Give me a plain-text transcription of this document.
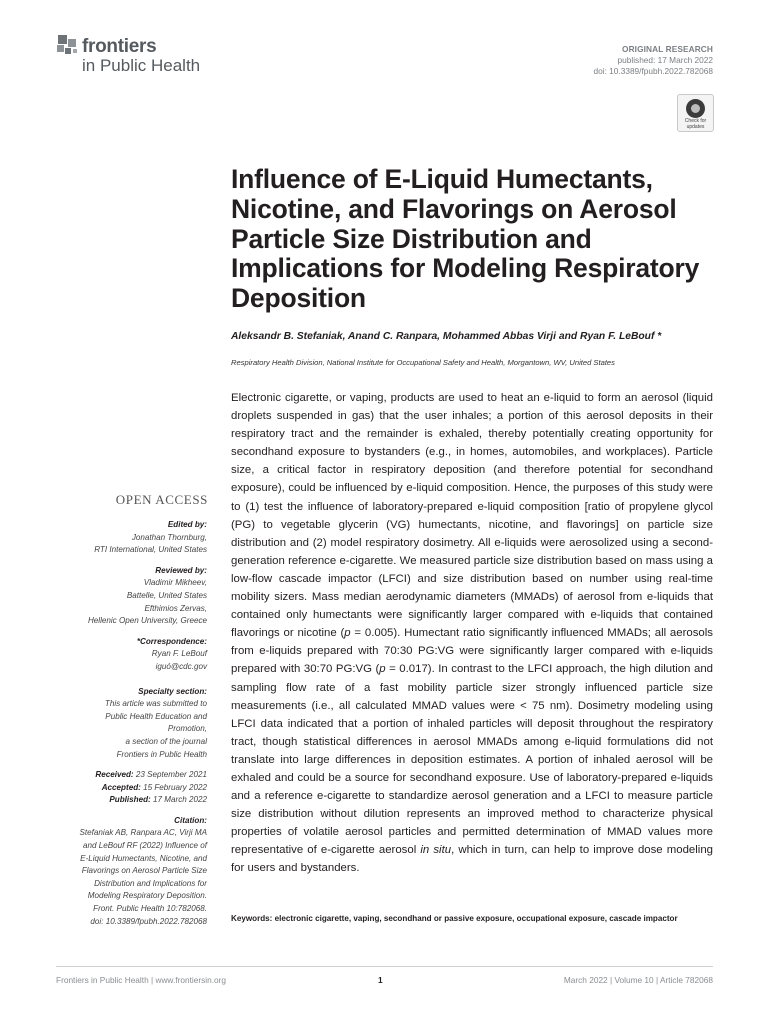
frontiers
in Public Health
ORIGINAL RESEARCH
published: 17 March 2022
doi: 10.3389/fpubh.2022.782068
Check for
updates
Influence of E-Liquid Humectants, Nicotine, and Flavorings on Aerosol Particle Size Distribution and Implications for Modeling Respiratory Deposition
Aleksandr B. Stefaniak, Anand C. Ranpara, Mohammed Abbas Virji and Ryan F. LeBouf *
Respiratory Health Division, National Institute for Occupational Safety and Health, Morgantown, WV, United States

Electronic cigarette, or vaping, products are used to heat an e-liquid to form an aerosol (liquid droplets suspended in gas) that the user inhales; a portion of this aerosol deposits in their respiratory tract and the remainder is exhaled, thereby potentially creating opportunity for secondhand exposure to bystanders (e.g., in homes, automobiles, and workplaces). Particle size, a critical factor in respiratory deposition (and therefore potential for secondhand exposure), could be influenced by e-liquid composition. Hence, the purposes of this study were to (1) test the influence of laboratory-prepared e-liquid composition [ratio of propylene glycol (PG) to vegetable glycerin (VG) humectants, nicotine, and flavorings] on particle size distribution and (2) model respiratory dosimetry. All e-liquids were aerosolized using a second-generation reference e-cigarette. We measured particle size distribution based on mass using a low-flow cascade impactor (LFCI) and size distribution based on number using real-time mobility sizers. Mass median aerodynamic diameters (MMADs) of aerosol from e-liquids that contained only humectants were significantly larger compared with e-liquids that contained flavorings or nicotine (p = 0.005). Humectant ratio significantly influenced MMADs; all aerosols from e-liquids prepared with 70:30 PG:VG were significantly larger compared with e-liquids prepared with 30:70 PG:VG (p = 0.017). In contrast to the LFCI approach, the high dilution and sampling flow rate of a fast mobility particle sizer strongly influenced particle size measurements (i.e., all calculated MMAD values were < 75 nm). Dosimetry modeling using LFCI data indicated that a portion of inhaled particles will deposit throughout the respiratory tract, though statistical differences in aerosol MMADs among e-liquid formulations did not translate into large differences in deposition estimates. A portion of inhaled aerosol will be exhaled and could be a source for secondhand exposure. Use of laboratory-prepared e-liquids and a reference e-cigarette to standardize aerosol generation and a LFCI to measure particle size distribution without dilution represents an improved method to characterize physical properties of volatile aerosol particles and permitted determination of MMAD values more representative of e-cigarette aerosol in situ, which in turn, can help to improve dose modeling for users and bystanders.

Keywords: electronic cigarette, vaping, secondhand or passive exposure, occupational exposure, cascade impactor
OPEN ACCESS
Edited by:
Jonathan Thornburg,
RTI International, United States
Reviewed by:
Vladimir Mikheev,
Battelle, United States
Efthimios Zervas,
Hellenic Open University, Greece
*Correspondence:
Ryan F. LeBouf
iguó@cdc.gov
Specialty section:
This article was submitted to
Public Health Education and
Promotion,
a section of the journal
Frontiers in Public Health
Received: 23 September 2021
Accepted: 15 February 2022
Published: 17 March 2022
Citation:
Stefaniak AB, Ranpara AC, Virji MA
and LeBouf RF (2022) Influence of
E-Liquid Humectants, Nicotine, and
Flavorings on Aerosol Particle Size
Distribution and Implications for
Modeling Respiratory Deposition.
Front. Public Health 10:782068.
doi: 10.3389/fpubh.2022.782068
Frontiers in Public Health | www.frontiersin.org	1	March 2022 | Volume 10 | Article 782068
